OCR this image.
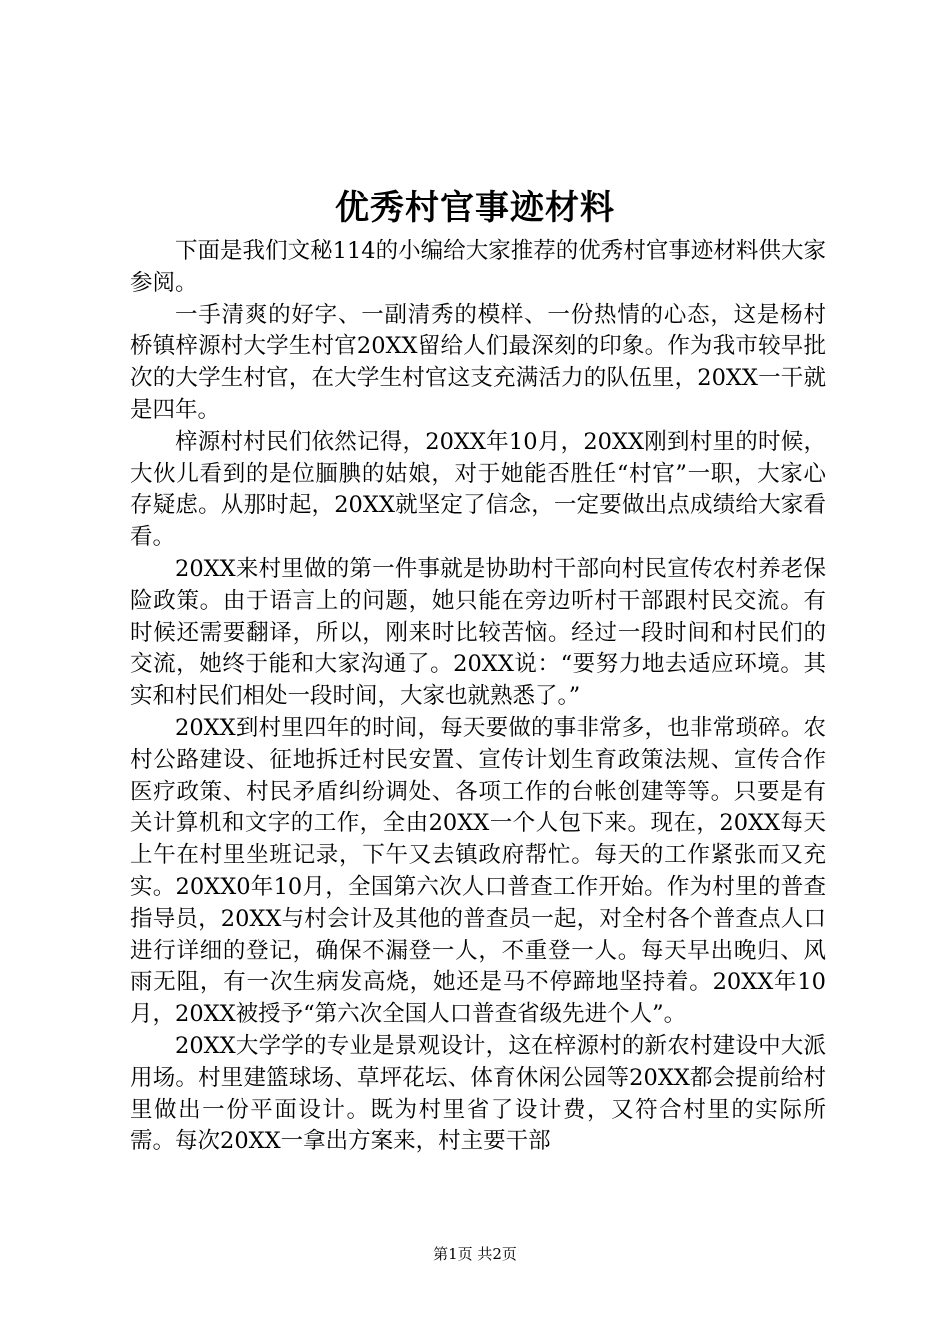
优秀村官事迹材料

下面是我们文秘114的小编给大家推荐的优秀村官事迹材料供大家参阅。

一手清爽的好字、一副清秀的模样、一份热情的心态，这是杨村桥镇梓源村大学生村官20XX留给人们最深刻的印象。作为我市较早批次的大学生村官，在大学生村官这支充满活力的队伍里，20XX一干就是四年。

梓源村村民们依然记得，20XX年10月，20XX刚到村里的时候，大伙儿看到的是位腼腆的姑娘，对于她能否胜任“村官”一职，大家心存疑虑。从那时起，20XX就坚定了信念，一定要做出点成绩给大家看看。

20XX来村里做的第一件事就是协助村干部向村民宣传农村养老保险政策。由于语言上的问题，她只能在旁边听村干部跟村民交流。有时候还需要翻译，所以，刚来时比较苦恼。经过一段时间和村民们的交流，她终于能和大家沟通了。20XX说：“要努力地去适应环境。其实和村民们相处一段时间，大家也就熟悉了。”

20XX到村里四年的时间，每天要做的事非常多，也非常琐碎。农村公路建设、征地拆迁村民安置、宣传计划生育政策法规、宣传合作医疗政策、村民矛盾纠纷调处、各项工作的台帐创建等等。只要是有关计算机和文字的工作，全由20XX一个人包下来。现在，20XX每天上午在村里坐班记录，下午又去镇政府帮忙。每天的工作紧张而又充实。20XX0年10月，全国第六次人口普查工作开始。作为村里的普查指导员，20XX与村会计及其他的普查员一起，对全村各个普查点人口进行详细的登记，确保不漏登一人，不重登一人。每天早出晚归、风雨无阻，有一次生病发高烧，她还是马不停蹄地坚持着。20XX年10月，20XX被授予“第六次全国人口普查省级先进个人”。

20XX大学学的专业是景观设计，这在梓源村的新农村建设中大派用场。村里建篮球场、草坪花坛、体育休闲公园等20XX都会提前给村里做出一份平面设计。既为村里省了设计费，又符合村里的实际所需。每次20XX一拿出方案来，村主要干部

第1页 共2页
